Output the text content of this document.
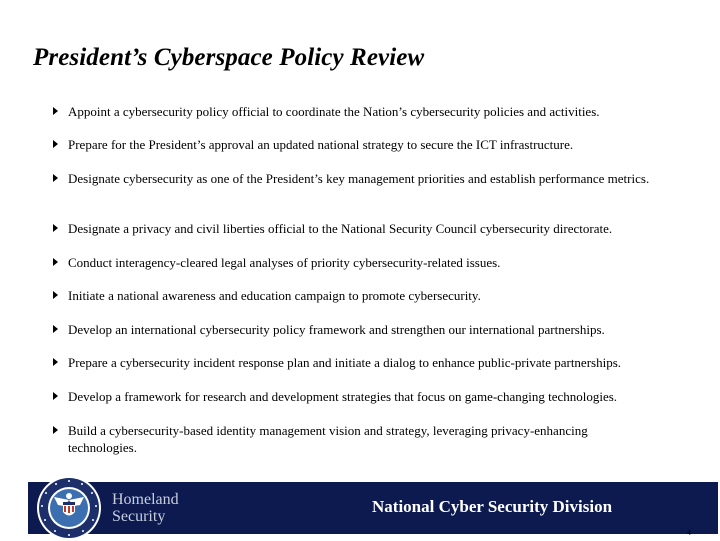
President’s Cyberspace Policy Review
Appoint a cybersecurity policy official to coordinate the Nation’s cybersecurity policies and activities.
Prepare for the President’s approval an updated national strategy to secure the ICT infrastructure.
Designate cybersecurity as one of the President’s key management priorities and establish performance metrics.
Designate a privacy and civil liberties official to the National Security Council cybersecurity directorate.
Conduct interagency-cleared legal analyses of priority cybersecurity-related issues.
Initiate a national awareness and education campaign to promote cybersecurity.
Develop an international cybersecurity policy framework and strengthen our international partnerships.
Prepare a cybersecurity incident response plan and initiate a dialog to enhance public-private partnerships.
Develop a framework for research and development strategies that focus on game-changing technologies.
Build a cybersecurity-based identity management vision and strategy, leveraging privacy-enhancing technologies.
Homeland
Security
National Cyber Security Division
4
